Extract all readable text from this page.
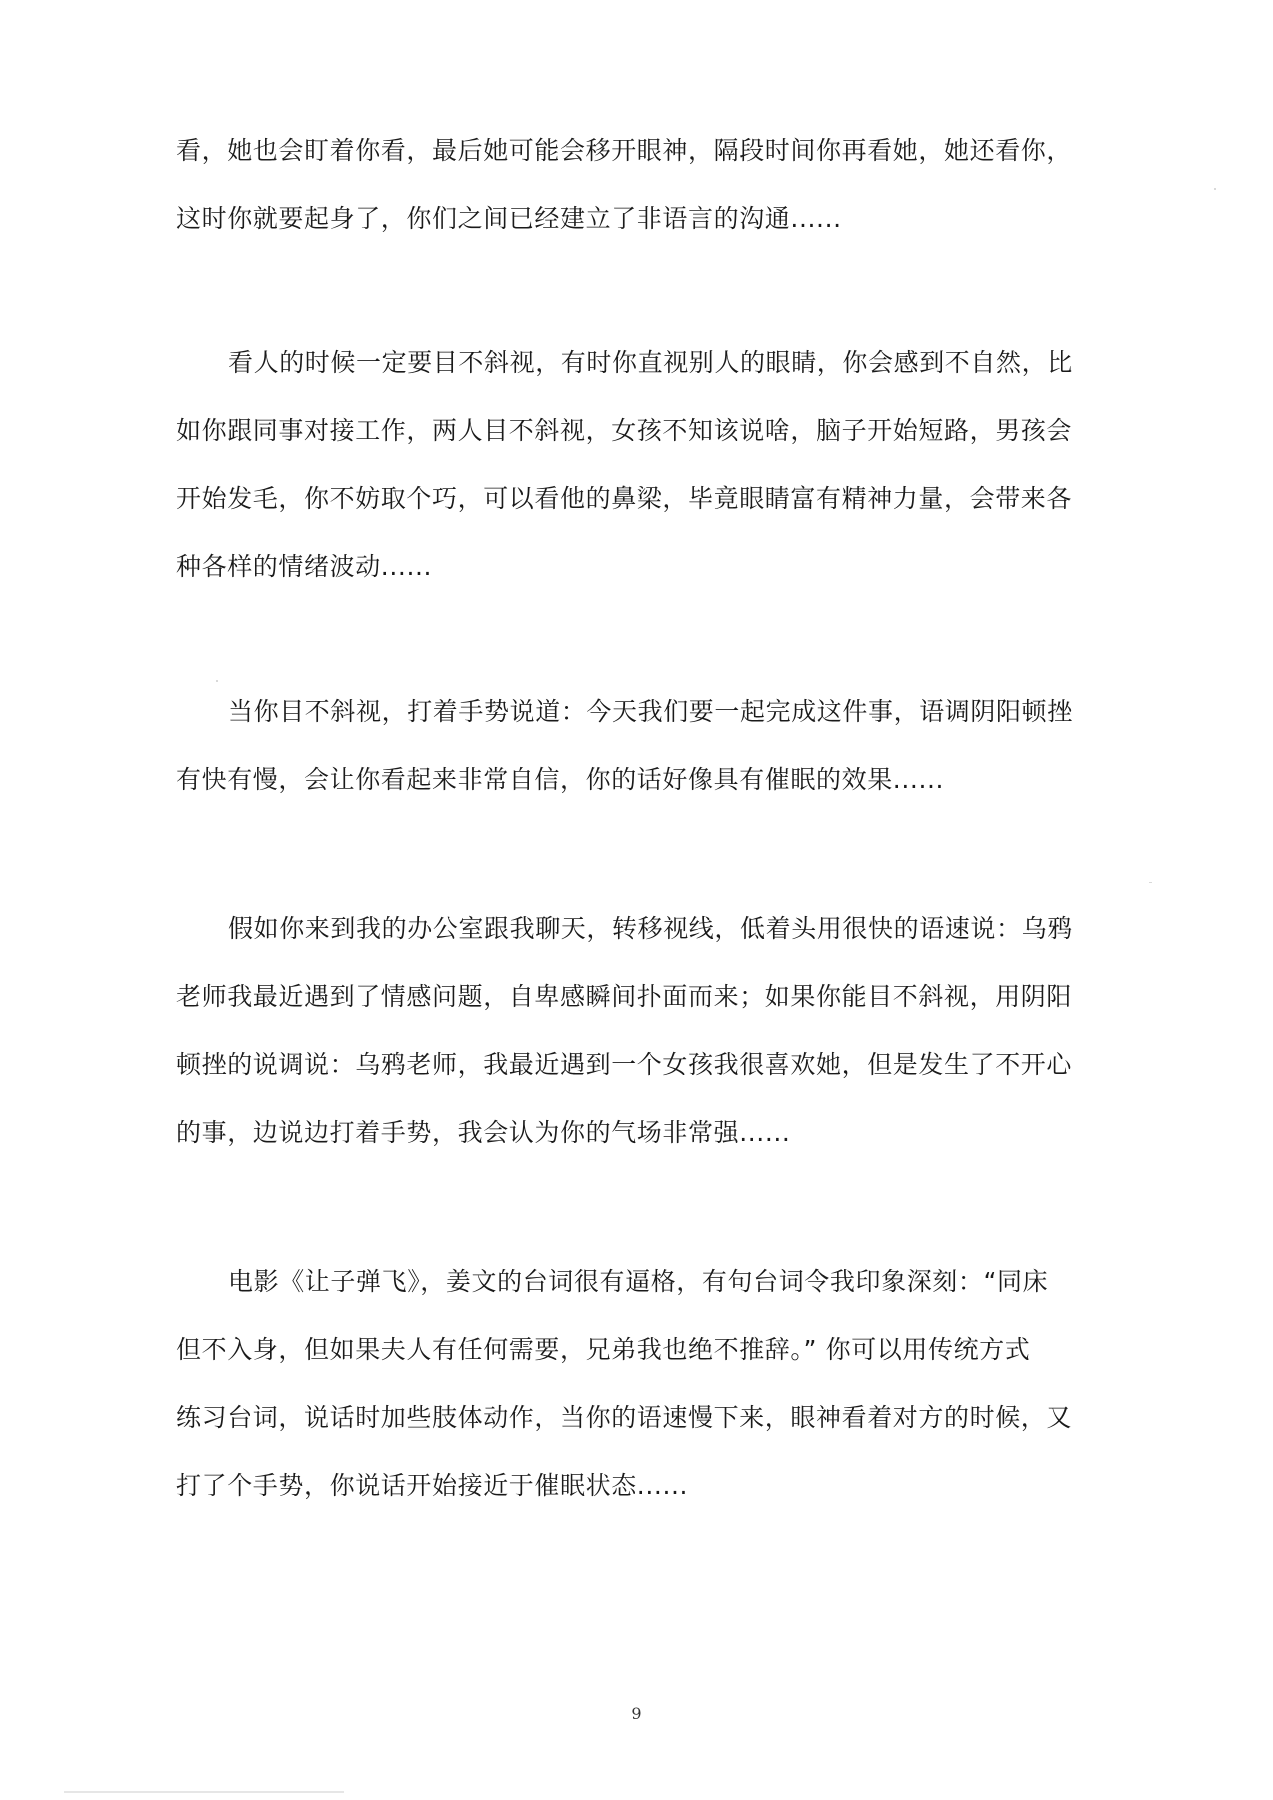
看，她也会盯着你看，最后她可能会移开眼神，隔段时间你再看她，她还看你，
这时你就要起身了，你们之间已经建立了非语言的沟通......
看人的时候一定要目不斜视，有时你直视别人的眼睛，你会感到不自然，比
如你跟同事对接工作，两人目不斜视，女孩不知该说啥，脑子开始短路，男孩会
开始发毛，你不妨取个巧，可以看他的鼻梁，毕竟眼睛富有精神力量，会带来各
种各样的情绪波动......
当你目不斜视，打着手势说道：今天我们要一起完成这件事，语调阴阳顿挫
有快有慢，会让你看起来非常自信，你的话好像具有催眠的效果......
假如你来到我的办公室跟我聊天，转移视线，低着头用很快的语速说：乌鸦
老师我最近遇到了情感问题，自卑感瞬间扑面而来；如果你能目不斜视，用阴阳
顿挫的说调说：乌鸦老师，我最近遇到一个女孩我很喜欢她，但是发生了不开心
的事，边说边打着手势，我会认为你的气场非常强......
电影《让子弹飞》，姜文的台词很有逼格，有句台词令我印象深刻：“同床
但不入身，但如果夫人有任何需要，兄弟我也绝不推辞。” 你可以用传统方式
练习台词，说话时加些肢体动作，当你的语速慢下来，眼神看着对方的时候，又
打了个手势，你说话开始接近于催眠状态......
9
